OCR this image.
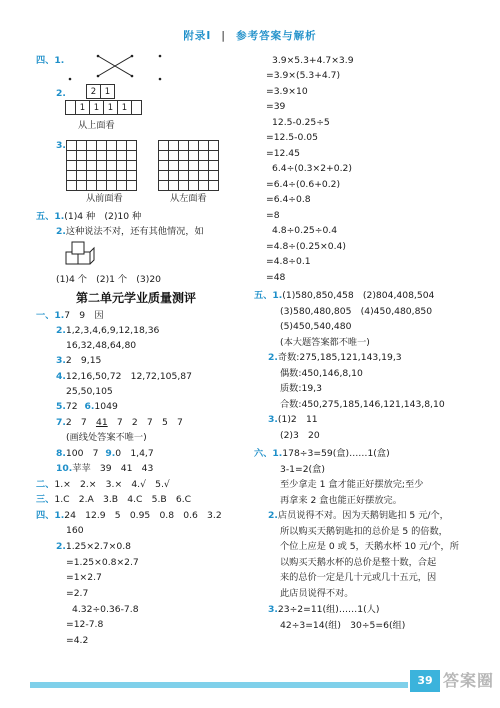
附录Ⅰ | 参考答案与解析
四、1.
2.	2	1
	1	1	1	1	
从上面看
3.
从前面看	从左面看
五、1.(1)4 种　(2)10 种
2.这种说法不对，还有其他情况，如
(1)4 个　(2)1 个　(3)20
第二单元学业质量测评
一、1.7　9　因
2.1,2,3,4,6,9,12,18,36
16,32,48,64,80
3.2　9,15
4.12,16,50,72　12,72,105,87
25,50,105
5.72 6.1049
7.2　7　41　7　2　7　5　7
(画线处答案不唯一)
8.100　7 9.0　1,4,7
10.苹苹　39　41　43
二、1.×　2.×　3.×　4.√　5.√
三、1.C　2.A　3.B　4.C　5.B　6.C
四、1.24　12.9　5　0.95　0.8　0.6　3.2
160
2.1.25×2.7×0.8
=1.25×0.8×2.7
=1×2.7
=2.7
4.32÷0.36-7.8
=12-7.8
=4.2
3.9×5.3+4.7×3.9
=3.9×(5.3+4.7)
=3.9×10
=39
12.5-0.25÷5
=12.5-0.05
=12.45
6.4÷(0.3×2+0.2)
=6.4÷(0.6+0.2)
=6.4÷0.8
=8
4.8÷0.25÷0.4
=4.8÷(0.25×0.4)
=4.8÷0.1
=48
五、1.(1)580,850,458　(2)804,408,504
(3)580,480,805　(4)450,480,850
(5)450,540,480
(本大题答案都不唯一)
2.奇数:275,185,121,143,19,3
偶数:450,146,8,10
质数:19,3
合数:450,275,185,146,121,143,8,10
3.(1)2　11
(2)3　20
六、1.178÷3=59(盒)……1(盒)
3-1=2(盒)
至少拿走 1 盒才能正好摆放完;至少
再拿来 2 盒也能正好摆放完。
2.店员说得不对。因为天鹅钥匙扣 5 元/个，
所以购买天鹅钥匙扣的总价是 5 的倍数，
个位上应是 0 或 5，天鹅水杯 10 元/个，所
以购买天鹅水杯的总价是整十数，合起
来的总价一定是几十元或几十五元，因
此店员说得不对。
3.23÷2=11(组)……1(人)
42÷3=14(组)　30÷5=6(组)
39 答案圈
